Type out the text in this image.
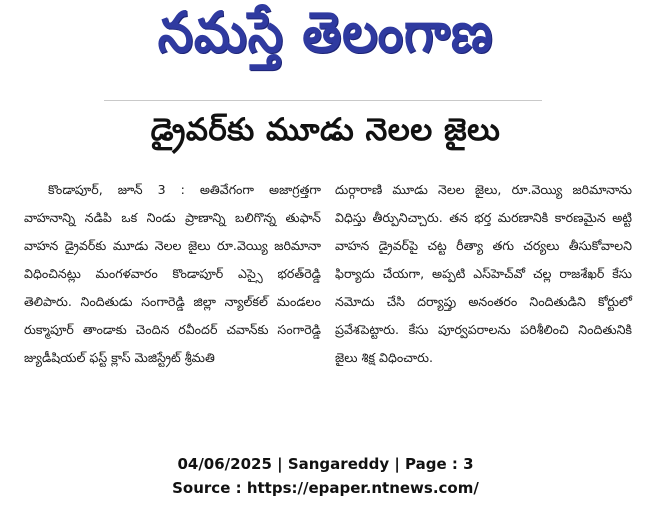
నమస్తే తెలంగాణ
డ్రైవర్‌కు మూడు నెలల జైలు

కొండాపూర్, జూన్ 3 : అతివేగంగా అజాగ్రత్తగా వాహనాన్ని నడిపి ఒక నిండు ప్రాణాన్ని బలిగొన్న తుఫాన్ వాహన డ్రైవర్‌కు మూడు నెలల జైలు రూ.వెయ్యి జరిమానా విధించినట్లు మంగళవారం కొండాపూర్ ఎస్సై భరత్‌రెడ్డి తెలిపారు. నిందితుడు సంగారెడ్డి జిల్లా న్యాల్‌కల్ మండలం రుక్మాపూర్ తాండాకు చెందిన రవీందర్ చవాన్‌కు సంగారెడ్డి జ్యుడీషియల్ ఫస్ట్ క్లాస్ మెజిస్ట్రేట్ శ్రీమతి

దుర్గారాణి మూడు నెలల జైలు, రూ.వెయ్యి జరిమానాను విధిస్తు తీర్పునిచ్చారు. తన భర్త మరణానికి కారణమైన అట్టి వాహన డ్రైవర్‌పై చట్ట రీత్యా తగు చర్యలు తీసుకోవాలని ఫిర్యాదు చేయగా, అప్పటి ఎస్‌హెచ్‌వో చల్ల రాజశేఖర్ కేసు నమోదు చేసి దర్యాప్తు అనంతరం నిందితుడిని కోర్టులో ప్రవేశపెట్టారు. కేసు పూర్వపరాలను పరిశీలించి నిందితునికి జైలు శిక్ష విధించారు.

04/06/2025 | Sangareddy | Page : 3
Source : https://epaper.ntnews.com/
